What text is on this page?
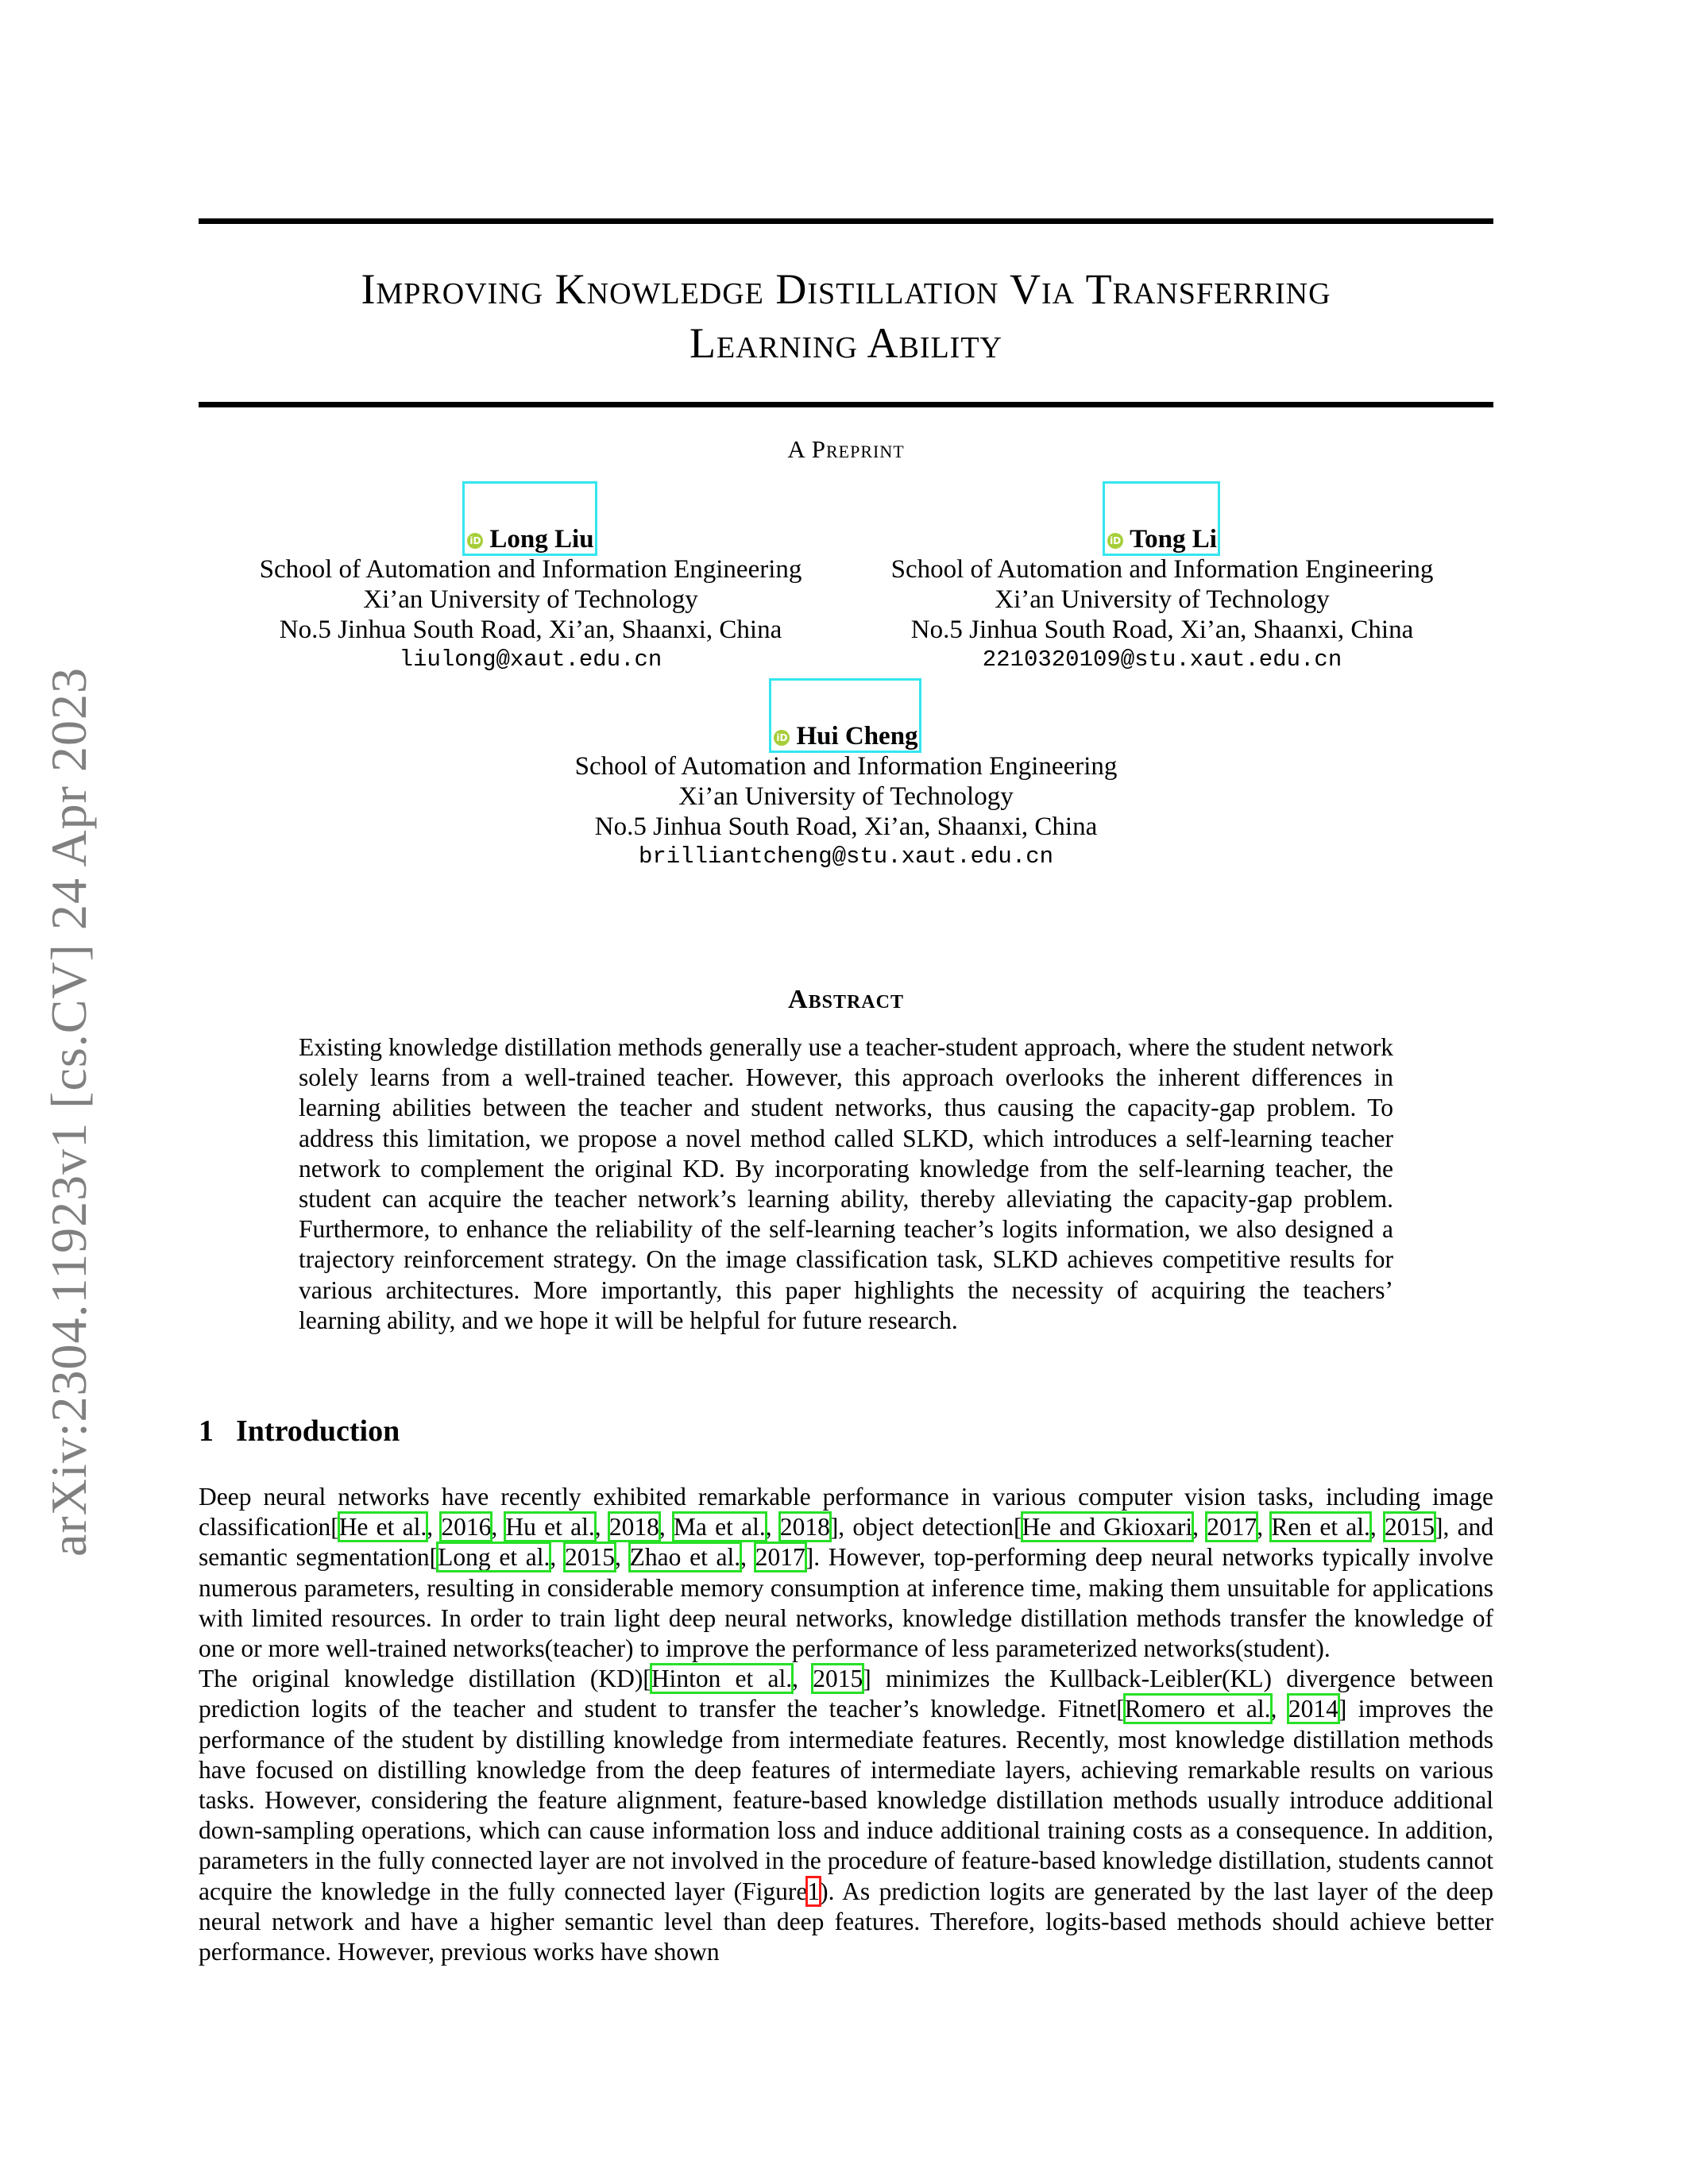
Improving Knowledge Distillation Via Transferring
Learning Ability
A Preprint
iD Long Liu
School of Automation and Information Engineering
Xi’an University of Technology
No.5 Jinhua South Road, Xi’an, Shaanxi, China
liulong@xaut.edu.cn
iD Tong Li
School of Automation and Information Engineering
Xi’an University of Technology
No.5 Jinhua South Road, Xi’an, Shaanxi, China
2210320109@stu.xaut.edu.cn
iD Hui Cheng
School of Automation and Information Engineering
Xi’an University of Technology
No.5 Jinhua South Road, Xi’an, Shaanxi, China
brilliantcheng@stu.xaut.edu.cn
Abstract
Existing knowledge distillation methods generally use a teacher-student approach, where the student network solely learns from a well-trained teacher. However, this approach overlooks the inherent differences in learning abilities between the teacher and student networks, thus causing the capacity-gap problem. To address this limitation, we propose a novel method called SLKD, which introduces a self-learning teacher network to complement the original KD. By incorporating knowledge from the self-learning teacher, the student can acquire the teacher network’s learning ability, thereby alleviating the capacity-gap problem. Furthermore, to enhance the reliability of the self-learning teacher’s logits information, we also designed a trajectory reinforcement strategy. On the image classification task, SLKD achieves competitive results for various architectures. More importantly, this paper highlights the necessity of acquiring the teachers’ learning ability, and we hope it will be helpful for future research.
1 Introduction

Deep neural networks have recently exhibited remarkable performance in various computer vision tasks, including image classification[He et al., 2016, Hu et al., 2018, Ma et al., 2018], object detection[He and Gkioxari, 2017, Ren et al., 2015], and semantic segmentation[Long et al., 2015, Zhao et al., 2017]. However, top-performing deep neural networks typically involve numerous parameters, resulting in considerable memory consumption at inference time, making them unsuitable for applications with limited resources. In order to train light deep neural networks, knowledge distillation methods transfer the knowledge of one or more well-trained networks(teacher) to improve the performance of less parameterized networks(student).

The original knowledge distillation (KD)[Hinton et al., 2015] minimizes the Kullback-Leibler(KL) divergence between prediction logits of the teacher and student to transfer the teacher’s knowledge. Fitnet[Romero et al., 2014] improves the performance of the student by distilling knowledge from intermediate features. Recently, most knowledge distillation methods have focused on distilling knowledge from the deep features of intermediate layers, achieving remarkable results on various tasks. However, considering the feature alignment, feature-based knowledge distillation methods usually introduce additional down-sampling operations, which can cause information loss and induce additional training costs as a consequence. In addition, parameters in the fully connected layer are not involved in the procedure of feature-based knowledge distillation, students cannot acquire the knowledge in the fully connected layer (Figure1). As prediction logits are generated by the last layer of the deep neural network and have a higher semantic level than deep features. Therefore, logits-based methods should achieve better performance. However, previous works have shown

arXiv:2304.11923v1 [cs.CV] 24 Apr 2023
